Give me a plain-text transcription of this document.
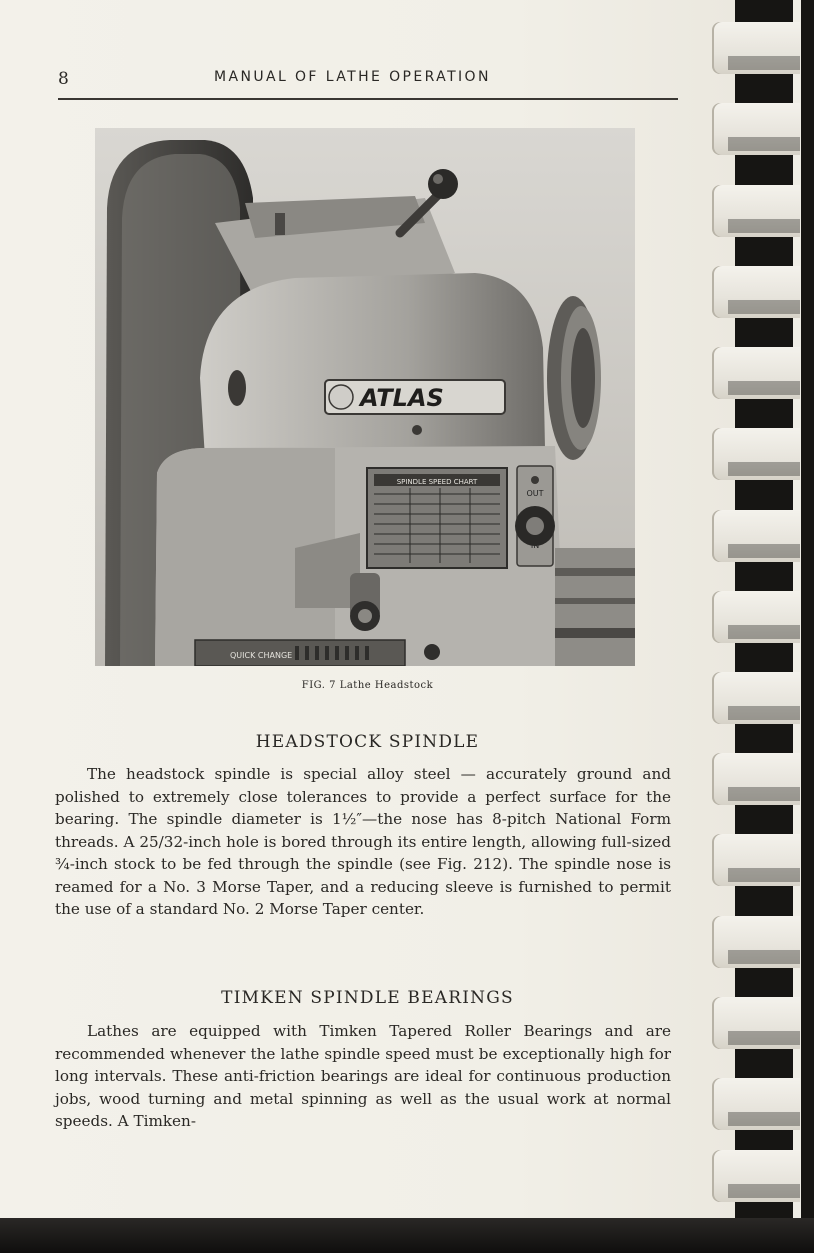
8	MANUAL OF LATHE OPERATION
ATLAS
SPINDLE SPEED CHART
OUT
QUICK CHANGE
FIG. 7 Lathe Headstock
HEADSTOCK SPINDLE
The headstock spindle is special alloy steel — accurately ground and polished to extremely close tolerances to provide a perfect surface for the bearing. The spindle diameter is 1½″—the nose has 8-pitch National Form threads. A 25/32-inch hole is bored through its entire length, allowing full-sized ¾-inch stock to be fed through the spindle (see Fig. 212). The spindle nose is reamed for a No. 3 Morse Taper, and a reducing sleeve is furnished to permit the use of a standard No. 2 Morse Taper center.
TIMKEN SPINDLE BEARINGS
Lathes are equipped with Timken Tapered Roller Bearings and are recommended whenever the lathe spindle speed must be exceptionally high for long intervals. These anti-friction bearings are ideal for continuous production jobs, wood turning and metal spinning as well as the usual work at normal speeds. A Timken-
